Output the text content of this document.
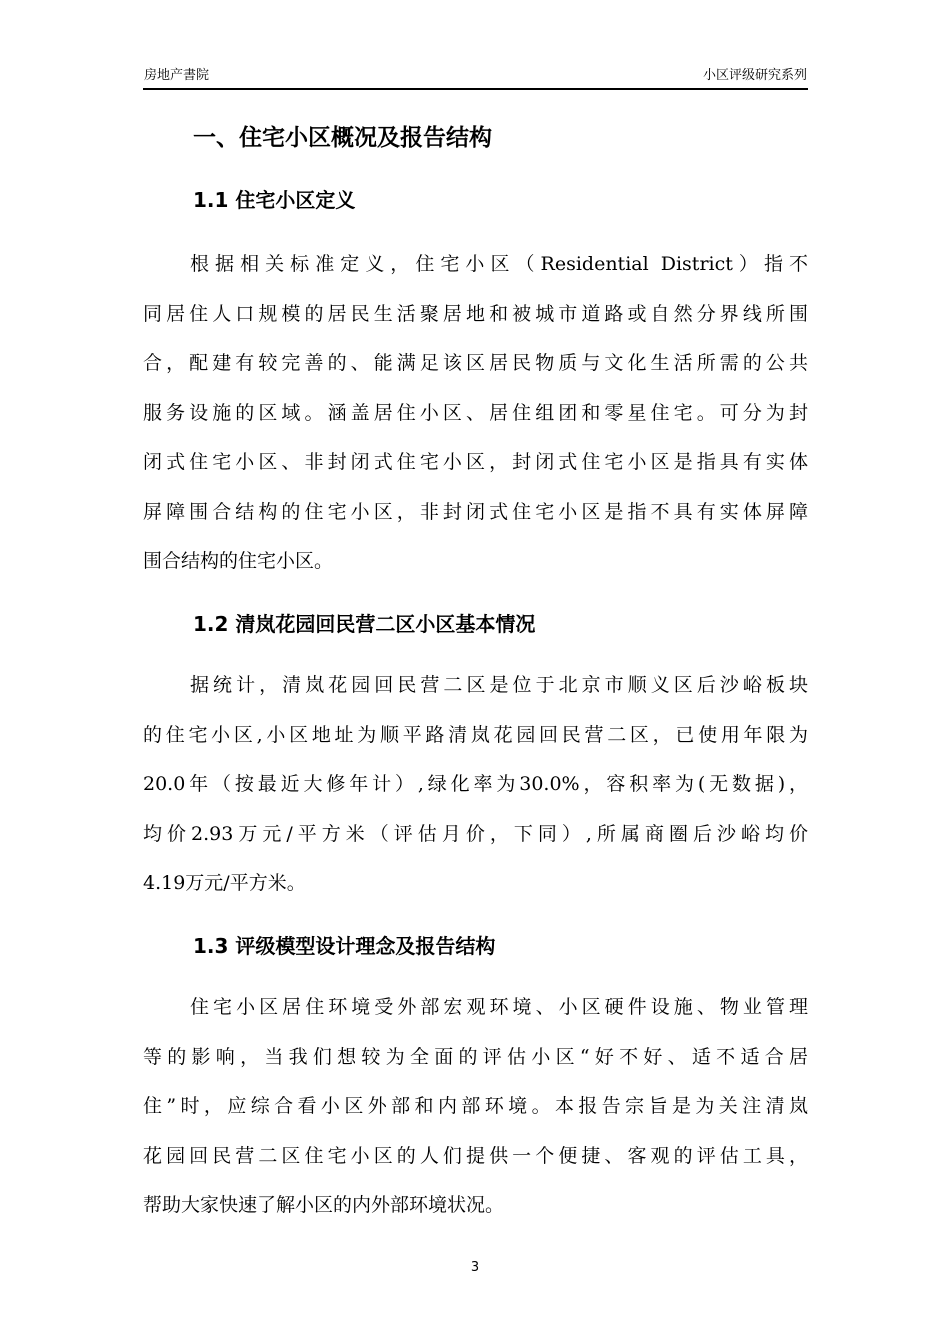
房地产書院	小区评级研究系列
一、住宅小区概况及报告结构
1.1 住宅小区定义
根据相关标准定义，住宅小区（Residential District）指不
同居住人口规模的居民生活聚居地和被城市道路或自然分界线所围
合，配建有较完善的、能满足该区居民物质与文化生活所需的公共
服务设施的区域。涵盖居住小区、居住组团和零星住宅。可分为封
闭式住宅小区、非封闭式住宅小区，封闭式住宅小区是指具有实体
屏障围合结构的住宅小区，非封闭式住宅小区是指不具有实体屏障
围合结构的住宅小区。
1.2 清岚花园回民营二区小区基本情况
据统计，清岚花园回民营二区是位于北京市顺义区后沙峪板块
的住宅小区,小区地址为顺平路清岚花园回民营二区，已使用年限为
20.0年（按最近大修年计）,绿化率为30.0%，容积率为(无数据)，
均价2.93万元/平方米（评估月价，下同）,所属商圈后沙峪均价
4.19万元/平方米。
1.3 评级模型设计理念及报告结构
住宅小区居住环境受外部宏观环境、小区硬件设施、物业管理
等的影响，当我们想较为全面的评估小区“好不好、适不适合居
住”时，应综合看小区外部和内部环境。本报告宗旨是为关注清岚
花园回民营二区住宅小区的人们提供一个便捷、客观的评估工具，
帮助大家快速了解小区的内外部环境状况。
3
